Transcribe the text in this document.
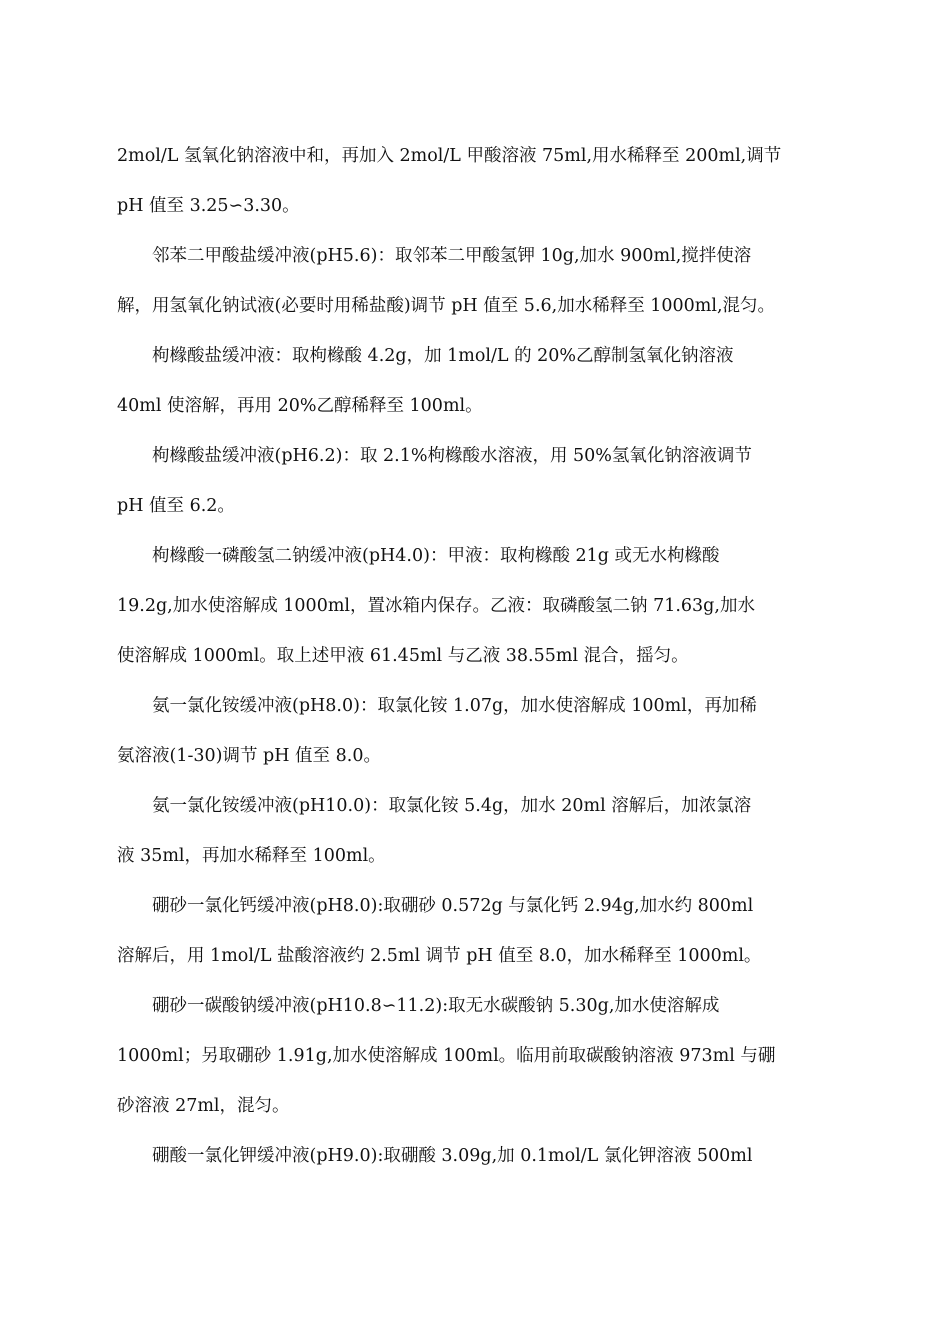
2mol/L 氢氧化钠溶液中和，再加入 2mol/L 甲酸溶液 75ml,用水稀释至 200ml,调节
pH 值至 3.25∽3.30。
　　邻苯二甲酸盐缓冲液(pH5.6)：取邻苯二甲酸氢钾 10g,加水 900ml,搅拌使溶
解，用氢氧化钠试液(必要时用稀盐酸)调节 pH 值至 5.6,加水稀释至 1000ml,混匀。
　　枸橼酸盐缓冲液：取枸橼酸 4.2g，加 1mol/L 的 20%乙醇制氢氧化钠溶液
40ml 使溶解，再用 20%乙醇稀释至 100ml。
　　枸橼酸盐缓冲液(pH6.2)：取 2.1%枸橼酸水溶液，用 50%氢氧化钠溶液调节
pH 值至 6.2。
　　枸橼酸一磷酸氢二钠缓冲液(pH4.0)：甲液：取枸橼酸 21g 或无水枸橼酸
19.2g,加水使溶解成 1000ml，置冰箱内保存。乙液：取磷酸氢二钠 71.63g,加水
使溶解成 1000ml。取上述甲液 61.45ml 与乙液 38.55ml 混合，摇匀。
　　氨一氯化铵缓冲液(pH8.0)：取氯化铵 1.07g，加水使溶解成 100ml，再加稀
氨溶液(1-30)调节 pH 值至 8.0。
　　氨一氯化铵缓冲液(pH10.0)：取氯化铵 5.4g，加水 20ml 溶解后，加浓氯溶
液 35ml，再加水稀释至 100ml。
　　硼砂一氯化钙缓冲液(pH8.0):取硼砂 0.572g 与氯化钙 2.94g,加水约 800ml
溶解后，用 1mol/L 盐酸溶液约 2.5ml 调节 pH 值至 8.0，加水稀释至 1000ml。
　　硼砂一碳酸钠缓冲液(pH10.8∽11.2):取无水碳酸钠 5.30g,加水使溶解成
1000ml；另取硼砂 1.91g,加水使溶解成 100ml。临用前取碳酸钠溶液 973ml 与硼
砂溶液 27ml，混匀。
　　硼酸一氯化钾缓冲液(pH9.0):取硼酸 3.09g,加 0.1mol/L 氯化钾溶液 500ml
